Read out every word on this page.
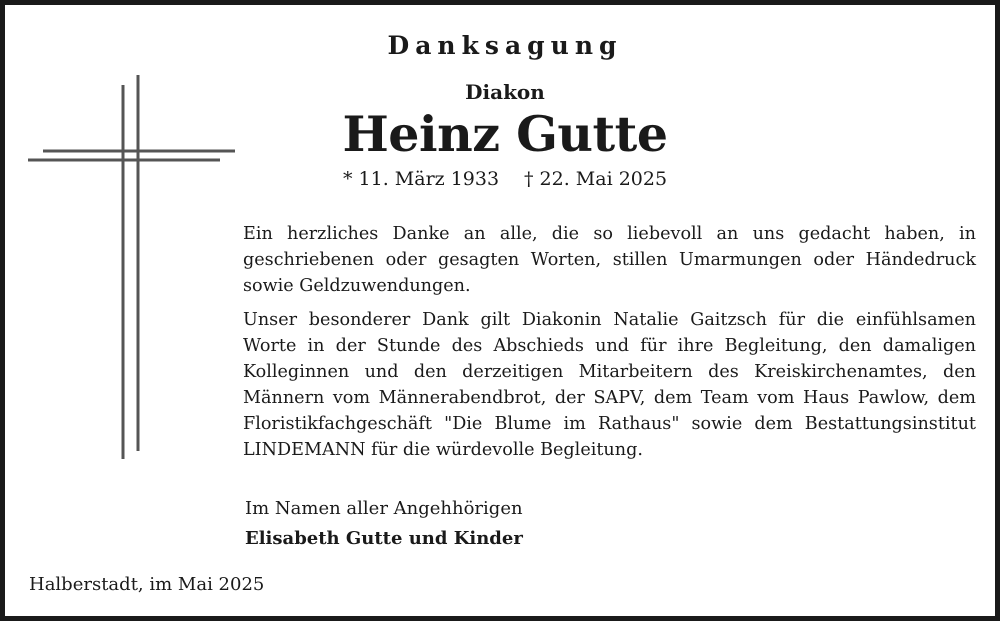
Danksagung
Diakon
Heinz Gutte
* 11. März 1933 † 22. Mai 2025

Ein herzliches Danke an alle, die so liebevoll an uns gedacht haben, in geschriebenen oder gesagten Worten, stillen Umarmungen oder Händedruck sowie Geldzuwendungen.

Unser besonderer Dank gilt Diakonin Natalie Gaitzsch für die einfühlsamen Worte in der Stunde des Abschieds und für ihre Begleitung, den damaligen Kolleginnen und den derzeitigen Mitarbeitern des Kreiskirchenamtes, den Männern vom Männerabendbrot, der SAPV, dem Team vom Haus Pawlow, dem Floristikfachgeschäft "Die Blume im Rathaus" sowie dem Bestattungsinstitut LINDEMANN für die würdevolle Begleitung.

Im Namen aller Angehhörigen
Elisabeth Gutte und Kinder
Halberstadt, im Mai 2025
